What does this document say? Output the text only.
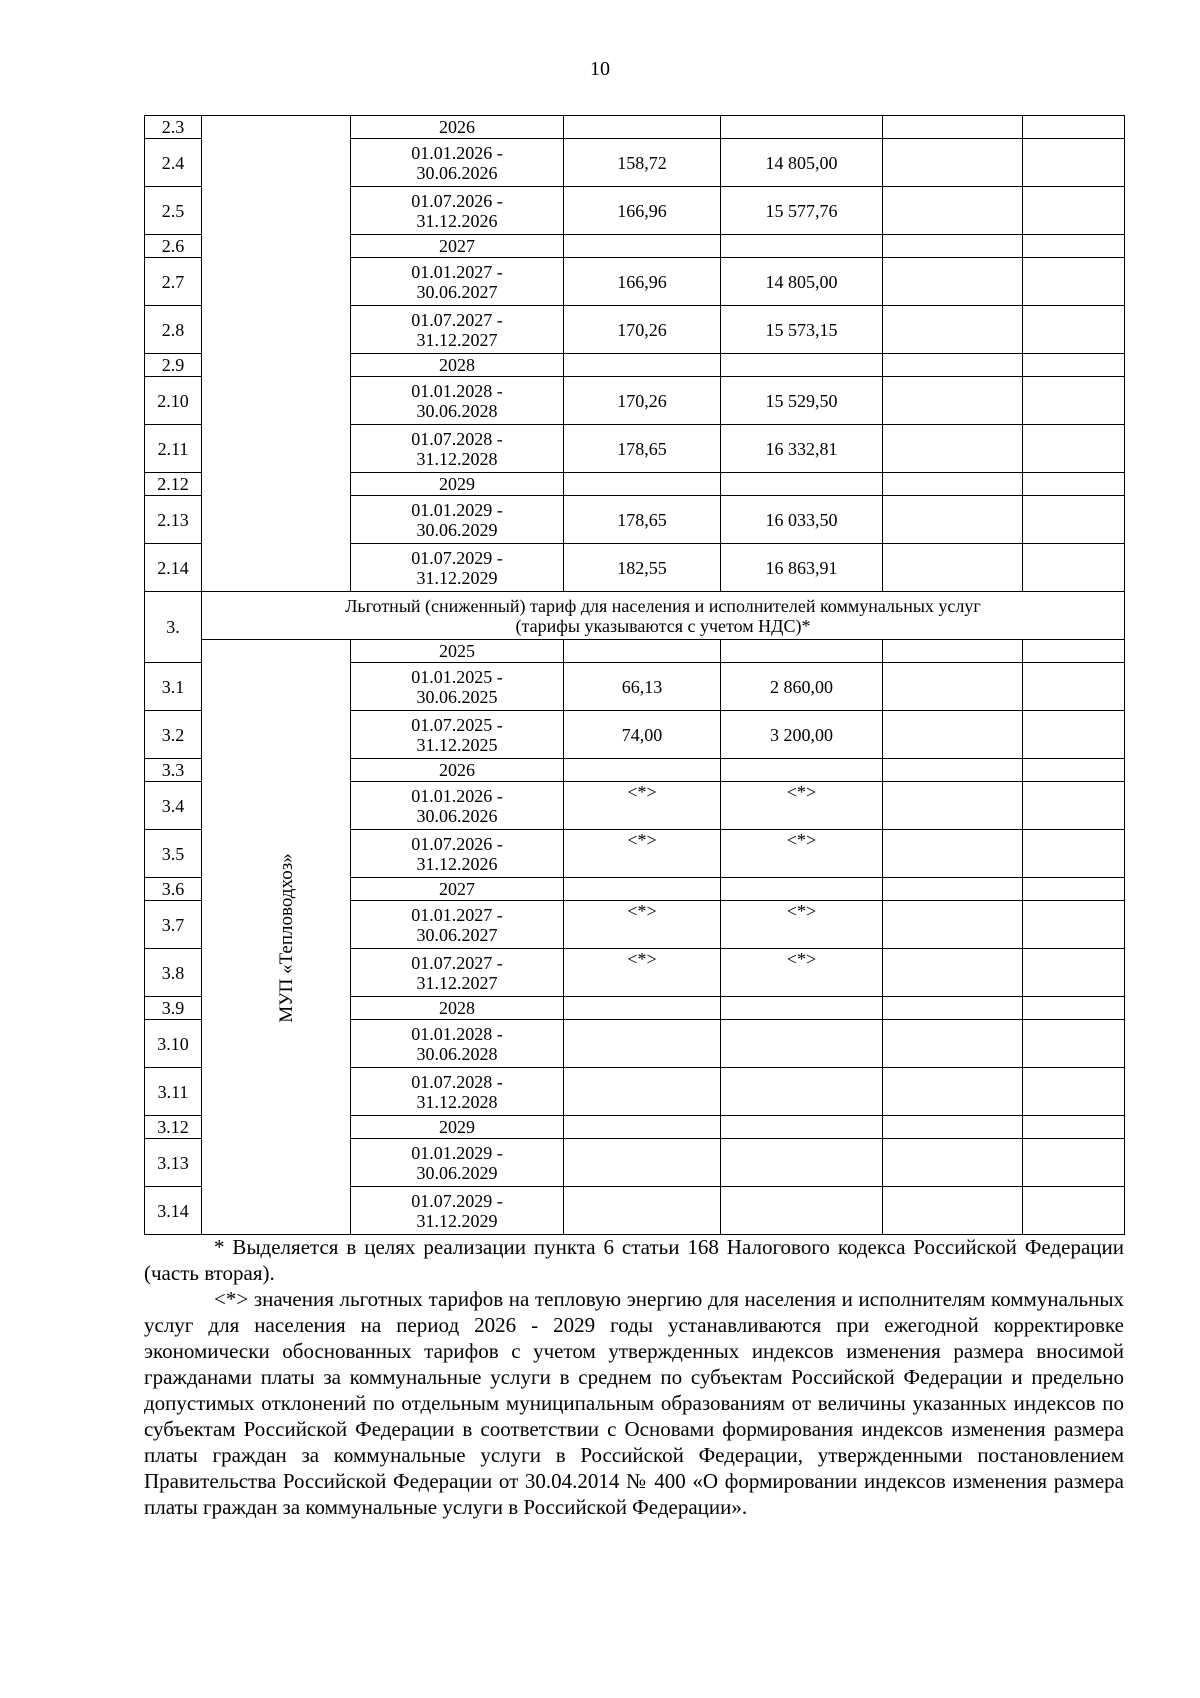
10
2.3		2026				

2.4		01.01.2026 -
30.06.2026	158,72	14 805,00		
2.5		01.07.2026 -
31.12.2026	166,96	15 577,76		
2.6		2027				

2.7		01.01.2027 -
30.06.2027	166,96	14 805,00		
2.8		01.07.2027 -
31.12.2027	170,26	15 573,15		
2.9		2028				

2.10		01.01.2028 -
30.06.2028	170,26	15 529,50		
2.11		01.07.2028 -
31.12.2028	178,65	16 332,81		
2.12		2029				

2.13		01.01.2029 -
30.06.2029	178,65	16 033,50		
2.14		01.07.2029 -
31.12.2029	182,55	16 863,91		
3.	Льготный (сниженный) тариф для населения и исполнителей коммунальных услуг
(тарифы указываются с учетом НДС)*					

	МУП «Тепловодхоз»	2025				
3.1		01.01.2025 -
30.06.2025	66,13	2 860,00		
3.2		01.07.2025 -
31.12.2025	74,00	3 200,00		
3.3		2026				

3.4		01.01.2026 -
30.06.2026	<*>	<*>		
3.5		01.07.2026 -
31.12.2026	<*>	<*>		
3.6		2027				

3.7		01.01.2027 -
30.06.2027	<*>	<*>		
3.8		01.07.2027 -
31.12.2027	<*>	<*>		
3.9		2028				

3.10		01.01.2028 -
30.06.2028				

3.11		01.07.2028 -
31.12.2028				

3.12		2029				

3.13		01.01.2029 -
30.06.2029				

3.14		01.07.2029 -
31.12.2029				

* Выделяется в целях реализации пункта 6 статьи 168 Налогового кодекса Российской Федерации (часть вторая).

<*> значения льготных тарифов на тепловую энергию для населения и исполнителям коммунальных услуг для населения на период 2026 - 2029 годы устанавливаются при ежегодной корректировке экономически обоснованных тарифов с учетом утвержденных индексов изменения размера вносимой гражданами платы за коммунальные услуги в среднем по субъектам Российской Федерации и предельно допустимых отклонений по отдельным муниципальным образованиям от величины указанных индексов по субъектам Российской Федерации в соответствии с Основами формирования индексов изменения размера платы граждан за коммунальные услуги в Российской Федерации, утвержденными постановлением Правительства Российской Федерации от 30.04.2014 № 400 «О формировании индексов изменения размера платы граждан за коммунальные услуги в Российской Федерации».
